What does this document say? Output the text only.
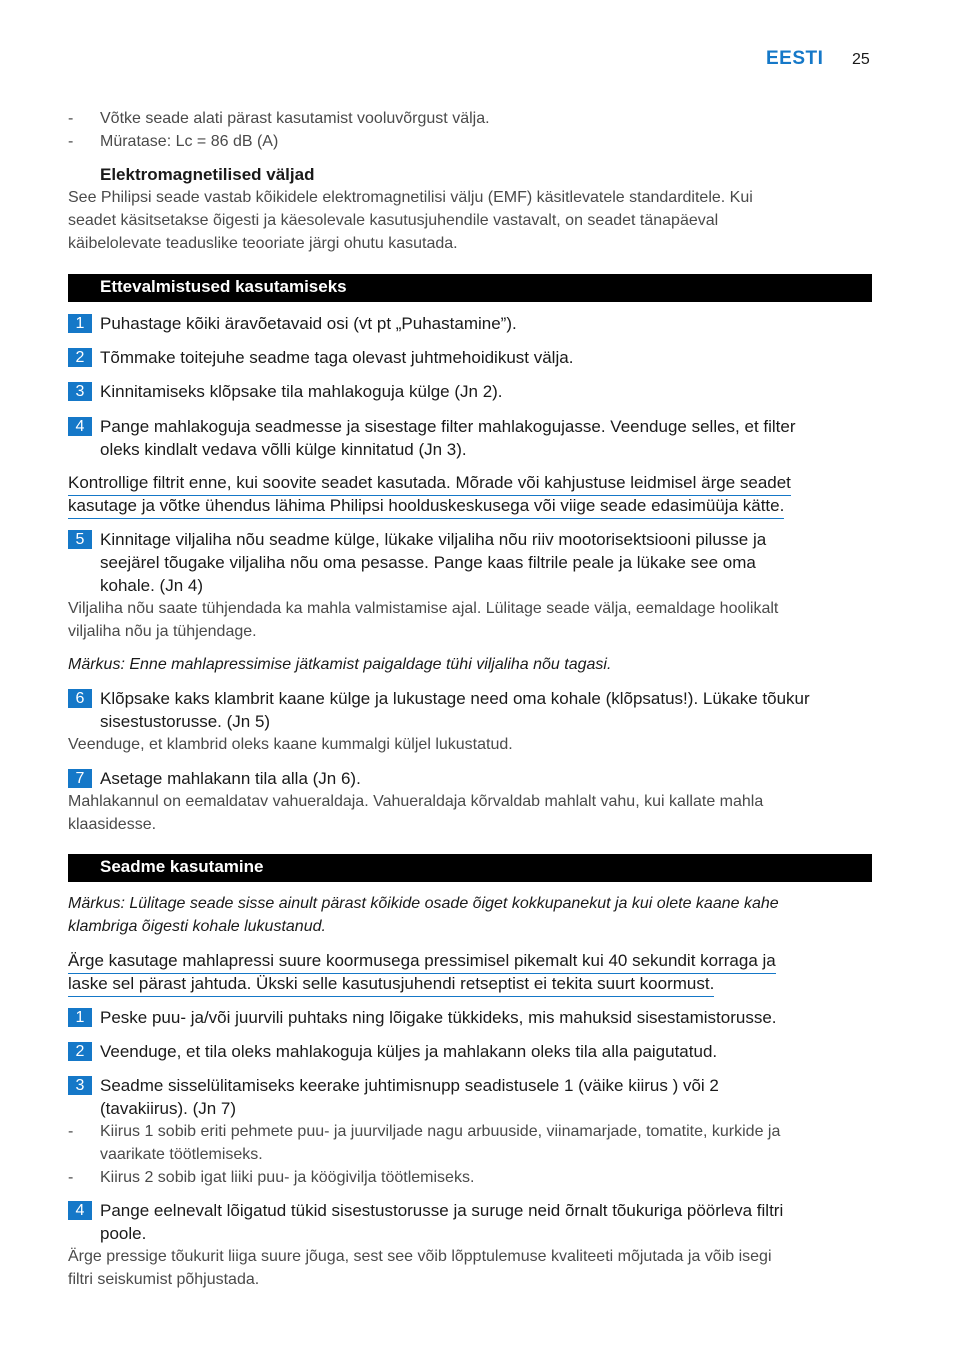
EESTI 25
- Võtke seade alati pärast kasutamist vooluvõrgust välja.
- Müratase: Lc = 86 dB (A)
Elektromagnetilised väljad
See Philipsi seade vastab kõikidele elektromagnetilisi välju (EMF) käsitlevatele standarditele. Kui
seadet käsitsetakse õigesti ja käesolevale kasutusjuhendile vastavalt, on seadet tänapäeval
käibelolevate teaduslike teooriate järgi ohutu kasutada.
Ettevalmistused kasutamiseks
1 Puhastage kõiki äravõetavaid osi (vt pt „Puhastamine”).
2 Tõmmake toitejuhe seadme taga olevast juhtmehoidikust välja.
3 Kinnitamiseks klõpsake tila mahlakoguja külge (Jn 2).
4 Pange mahlakoguja seadmesse ja sisestage filter mahlakogujasse. Veenduge selles, et filter
oleks kindlalt vedava võlli külge kinnitatud (Jn 3).
Kontrollige filtrit enne, kui soovite seadet kasutada. Mõrade või kahjustuse leidmisel ärge seadet
kasutage ja võtke ühendus lähima Philipsi hoolduskeskusega või viige seade edasimüüja kätte.
5 Kinnitage viljaliha nõu seadme külge, lükake viljaliha nõu riiv mootorisektsiooni pilusse ja
seejärel tõugake viljaliha nõu oma pesasse. Pange kaas filtrile peale ja lükake see oma
kohale. (Jn 4)
Viljaliha nõu saate tühjendada ka mahla valmistamise ajal. Lülitage seade välja, eemaldage hoolikalt
viljaliha nõu ja tühjendage.
Märkus: Enne mahlapressimise jätkamist paigaldage tühi viljaliha nõu tagasi.
6 Klõpsake kaks klambrit kaane külge ja lukustage need oma kohale (klõpsatus!). Lükake tõukur
sisestustorusse. (Jn 5)
Veenduge, et klambrid oleks kaane kummalgi küljel lukustatud.
7 Asetage mahlakann tila alla (Jn 6).
Mahlakannul on eemaldatav vahueraldaja. Vahueraldaja kõrvaldab mahlalt vahu, kui kallate mahla
klaasidesse.
Seadme kasutamine
Märkus: Lülitage seade sisse ainult pärast kõikide osade õiget kokkupanekut ja kui olete kaane kahe
klambriga õigesti kohale lukustanud.
Ärge kasutage mahlapressi suure koormusega pressimisel pikemalt kui 40 sekundit korraga ja
laske sel pärast jahtuda. Ükski selle kasutusjuhendi retseptist ei tekita suurt koormust.
1 Peske puu- ja/või juurvili puhtaks ning lõigake tükkideks, mis mahuksid sisestamistorusse.
2 Veenduge, et tila oleks mahlakoguja küljes ja mahlakann oleks tila alla paigutatud.
3 Seadme sisselülitamiseks keerake juhtimisnupp seadistusele 1 (väike kiirus ) või 2
(tavakiirus). (Jn 7)
- Kiirus 1 sobib eriti pehmete puu- ja juurviljade nagu arbuuside, viinamarjade, tomatite, kurkide ja
vaarikate töötlemiseks.
- Kiirus 2 sobib igat liiki puu- ja köögivilja töötlemiseks.
4 Pange eelnevalt lõigatud tükid sisestustorusse ja suruge neid õrnalt tõukuriga pöörleva filtri
poole.
Ärge pressige tõukurit liiga suure jõuga, sest see võib lõpptulemuse kvaliteeti mõjutada ja võib isegi
filtri seiskumist põhjustada.
